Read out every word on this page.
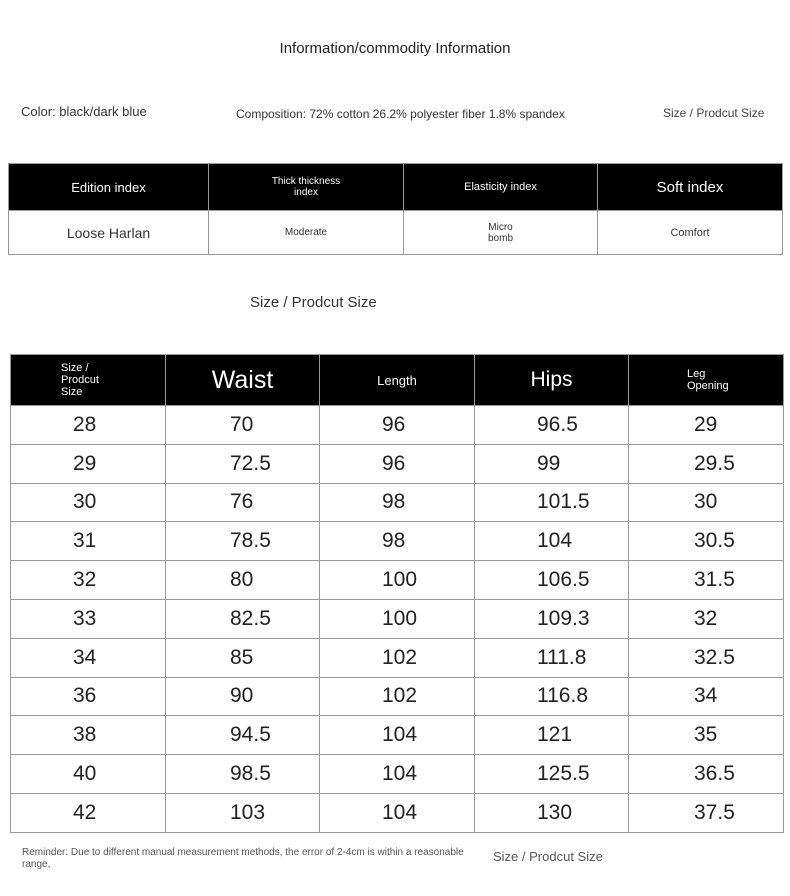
Information/commodity Information
Color: black/dark blue	Composition: 72% cotton 26.2% polyester fiber 1.8% spandex	Size / Prodcut Size
Edition index	Thick thickness index	Elasticity index	Soft index
Loose Harlan	Moderate	Micro bomb	Comfort
Size / Prodcut Size
Size / Prodcut Size	Waist	Length	Hips	Leg Opening

28	70	96	96.5	29
29	72.5	96	99	29.5
30	76	98	101.5	30
31	78.5	98	104	30.5
32	80	100	106.5	31.5
33	82.5	100	109.3	32
34	85	102	111.8	32.5
36	90	102	116.8	34
38	94.5	104	121	35
40	98.5	104	125.5	36.5
42	103	104	130	37.5
Reminder: Due to different manual measurement methods, the error of 2-4cm is within a reasonable range,
Size / Prodcut Size
